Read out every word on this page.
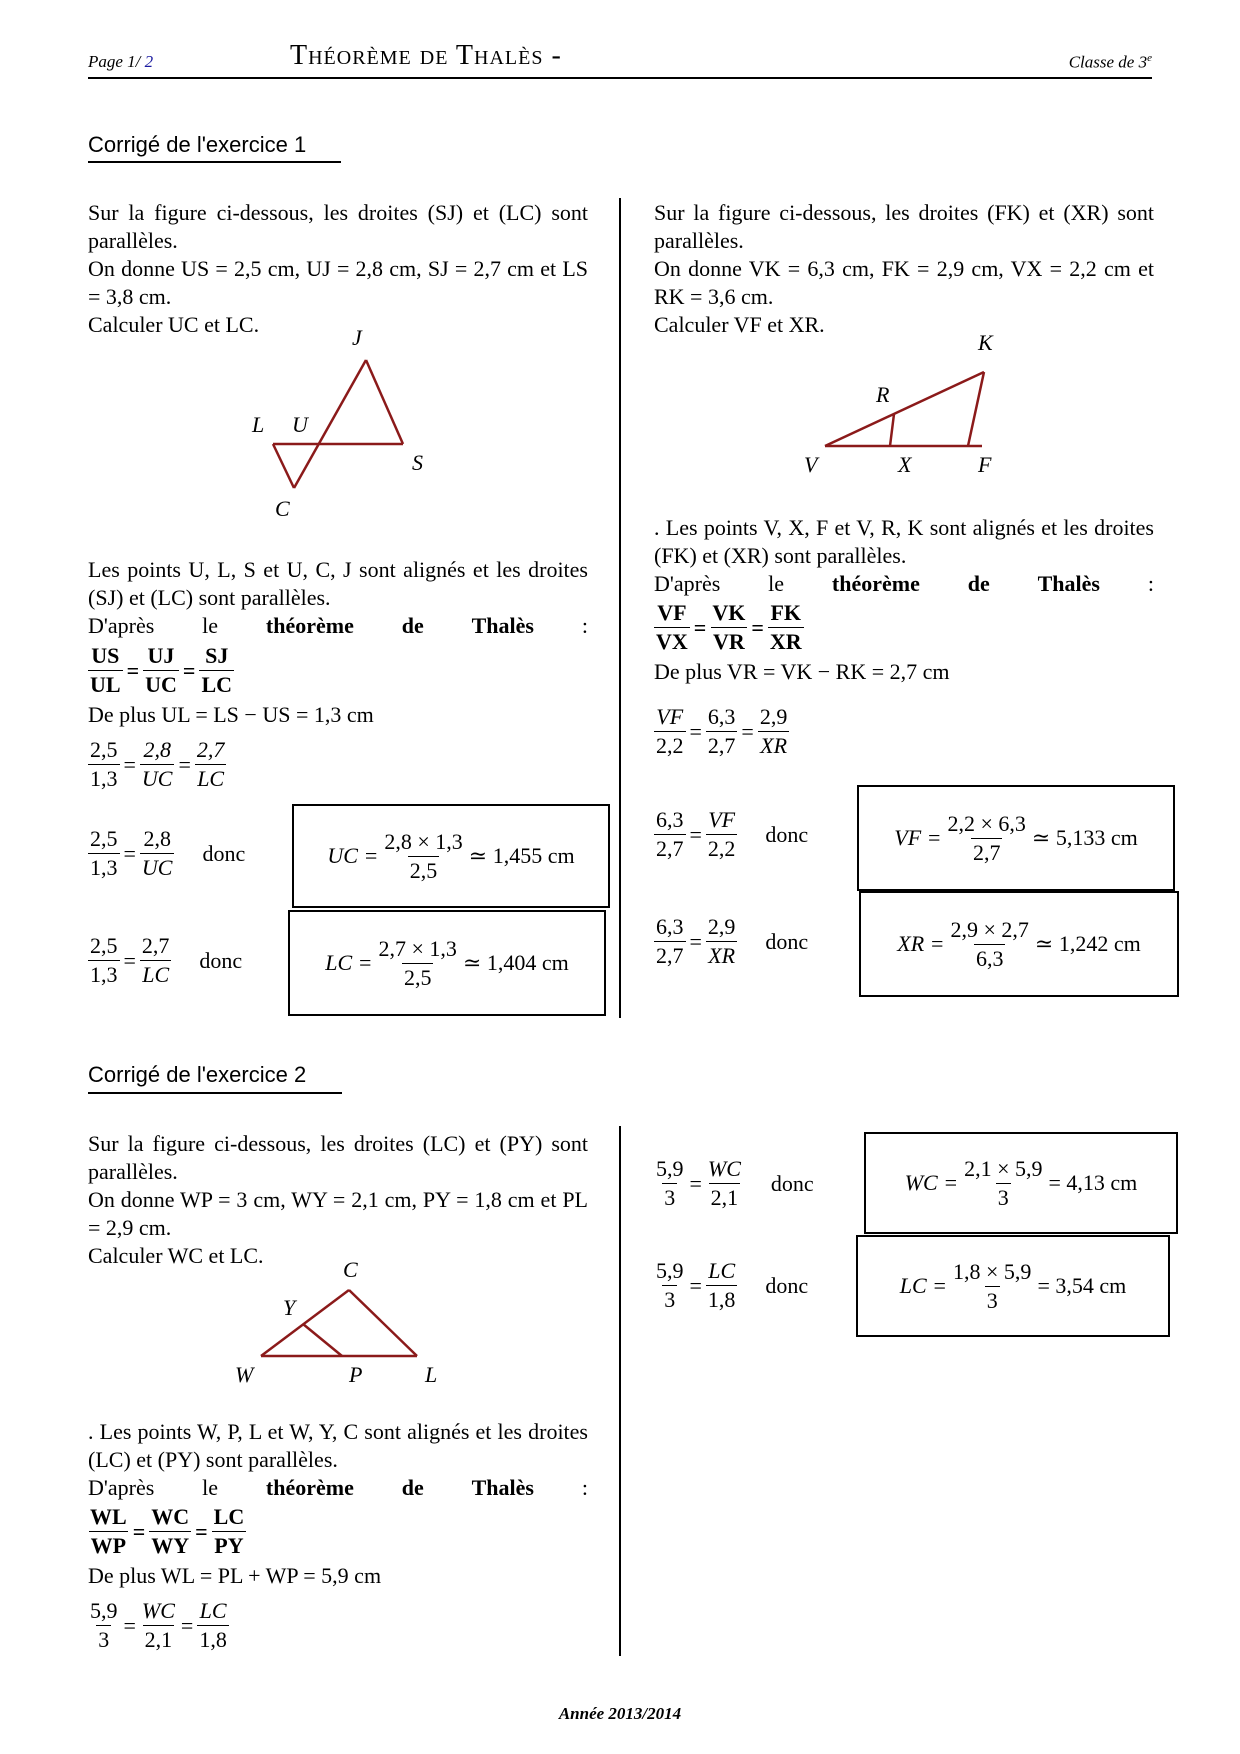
Page 1/ 2	Théorème de Thalès -	Classe de 3e
Corrigé de l'exercice 1
Sur la figure ci-dessous, les droites (SJ) et (LC) sont parallèles.
On donne US = 2,5 cm, UJ = 2,8 cm, SJ = 2,7 cm et LS = 3,8 cm.
Calculer UC et LC.
J
L U
S
C
Les points U, L, S et U, C, J sont alignés et les droites (SJ) et (LC) sont parallèles.
D'après le théorème de Thalès :
$\frac{US}{UL} = \frac{UJ}{UC} = \frac{SJ}{LC}$
De plus UL = LS − US = 1,3 cm
$\frac{2,5}{1,3} = \frac{2,8}{UC} = \frac{2,7}{LC}$
$\frac{2,5}{1,3} = \frac{2,8}{UC}$ donc	UC = $\frac{2,8 \times 1,3}{2,5}$ ≃ 1,455 cm
$\frac{2,5}{1,3} = \frac{2,7}{LC}$ donc	LC = $\frac{2,7 \times 1,3}{2,5}$ ≃ 1,404 cm
Sur la figure ci-dessous, les droites (FK) et (XR) sont parallèles.
On donne VK = 6,3 cm, FK = 2,9 cm, VX = 2,2 cm et RK = 3,6 cm.
Calculer VF et XR.
K
R
V	X	F
. Les points V, X, F et V, R, K sont alignés et les droites (FK) et (XR) sont parallèles.
D'après le théorème de Thalès :
$\frac{VF}{VX} = \frac{VK}{VR} = \frac{FK}{XR}$
De plus VR = VK − RK = 2,7 cm
$\frac{VF}{2,2} = \frac{6,3}{2,7} = \frac{2,9}{XR}$
$\frac{6,3}{2,7} = \frac{VF}{2,2}$ donc	VF = $\frac{2,2 \times 6,3}{2,7}$ ≃ 5,133 cm
$\frac{6,3}{2,7} = \frac{2,9}{XR}$ donc	XR = $\frac{2,9 \times 2,7}{6,3}$ ≃ 1,242 cm
Corrigé de l'exercice 2
Sur la figure ci-dessous, les droites (LC) et (PY) sont parallèles.
On donne WP = 3 cm, WY = 2,1 cm, PY = 1,8 cm et PL = 2,9 cm.
Calculer WC et LC.
C
Y
W	P	L
. Les points W, P, L et W, Y, C sont alignés et les droites (LC) et (PY) sont parallèles.
D'après le théorème de Thalès :
$\frac{WL}{WP} = \frac{WC}{WY} = \frac{LC}{PY}$
De plus WL = PL + WP = 5,9 cm
$\frac{5,9}{3} = \frac{WC}{2,1} = \frac{LC}{1,8}$
$\frac{5,9}{3} = \frac{WC}{2,1}$ donc	WC = $\frac{2,1 \times 5,9}{3} = 4,13$ cm
$\frac{5,9}{3} = \frac{LC}{1,8}$ donc	LC = $\frac{1,8 \times 5,9}{3} = 3,54$ cm
Année 2013/2014
